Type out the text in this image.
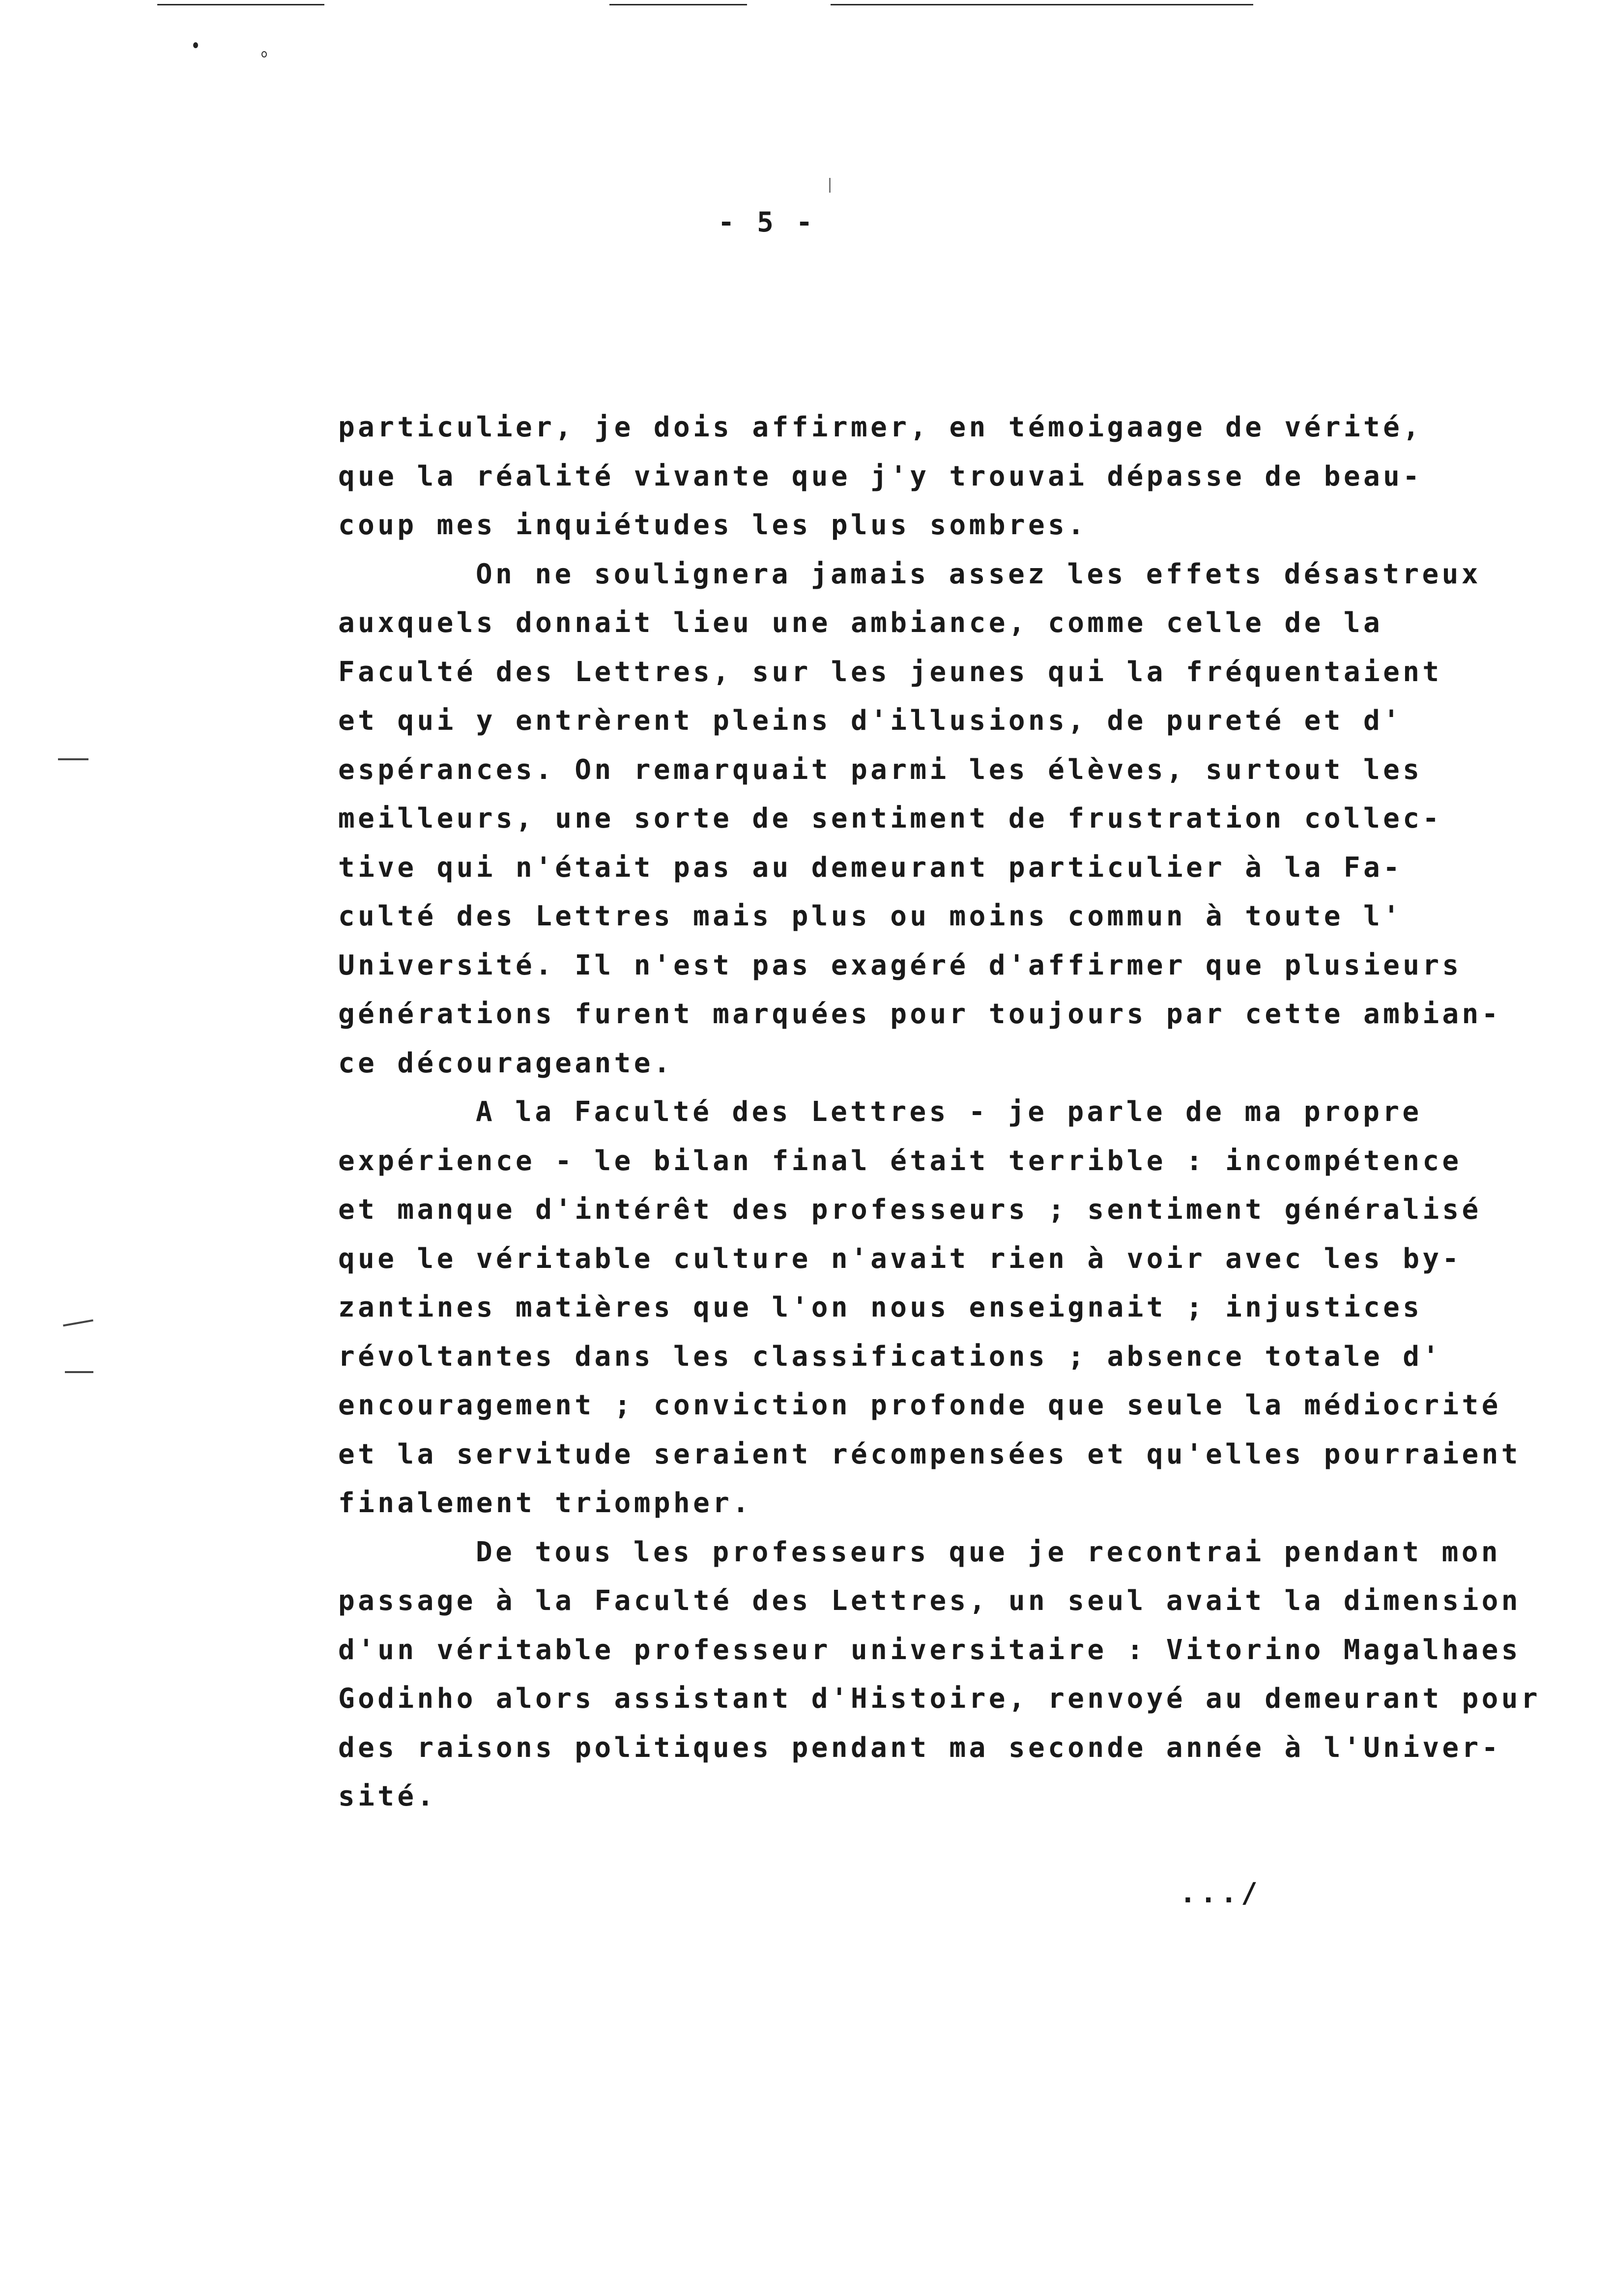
- 5 -
particulier, je dois affirmer, en témoigaage de vérité,
que la réalité vivante que j'y trouvai dépasse de beau-
coup mes inquiétudes les plus sombres.
On ne soulignera jamais assez les effets désastreux
auxquels donnait lieu une ambiance, comme celle de la
Faculté des Lettres, sur les jeunes qui la fréquentaient
et qui y entrèrent pleins d'illusions, de pureté et d'
espérances. On remarquait parmi les élèves, surtout les
meilleurs, une sorte de sentiment de frustration collec-
tive qui n'était pas au demeurant particulier à la Fa-
culté des Lettres mais plus ou moins commun à toute l'
Université. Il n'est pas exagéré d'affirmer que plusieurs
générations furent marquées pour toujours par cette ambian-
ce décourageante.
A la Faculté des Lettres - je parle de ma propre
expérience - le bilan final était terrible : incompétence
et manque d'intérêt des professeurs ; sentiment généralisé
que le véritable culture n'avait rien à voir avec les by-
zantines matières que l'on nous enseignait ; injustices
révoltantes dans les classifications ; absence totale d'
encouragement ; conviction profonde que seule la médiocrité
et la servitude seraient récompensées et qu'elles pourraient
finalement triompher.
De tous les professeurs que je recontrai pendant mon
passage à la Faculté des Lettres, un seul avait la dimension
d'un véritable professeur universitaire : Vitorino Magalhaes
Godinho alors assistant d'Histoire, renvoyé au demeurant pour
des raisons politiques pendant ma seconde année à l'Univer-
sité.
.../
